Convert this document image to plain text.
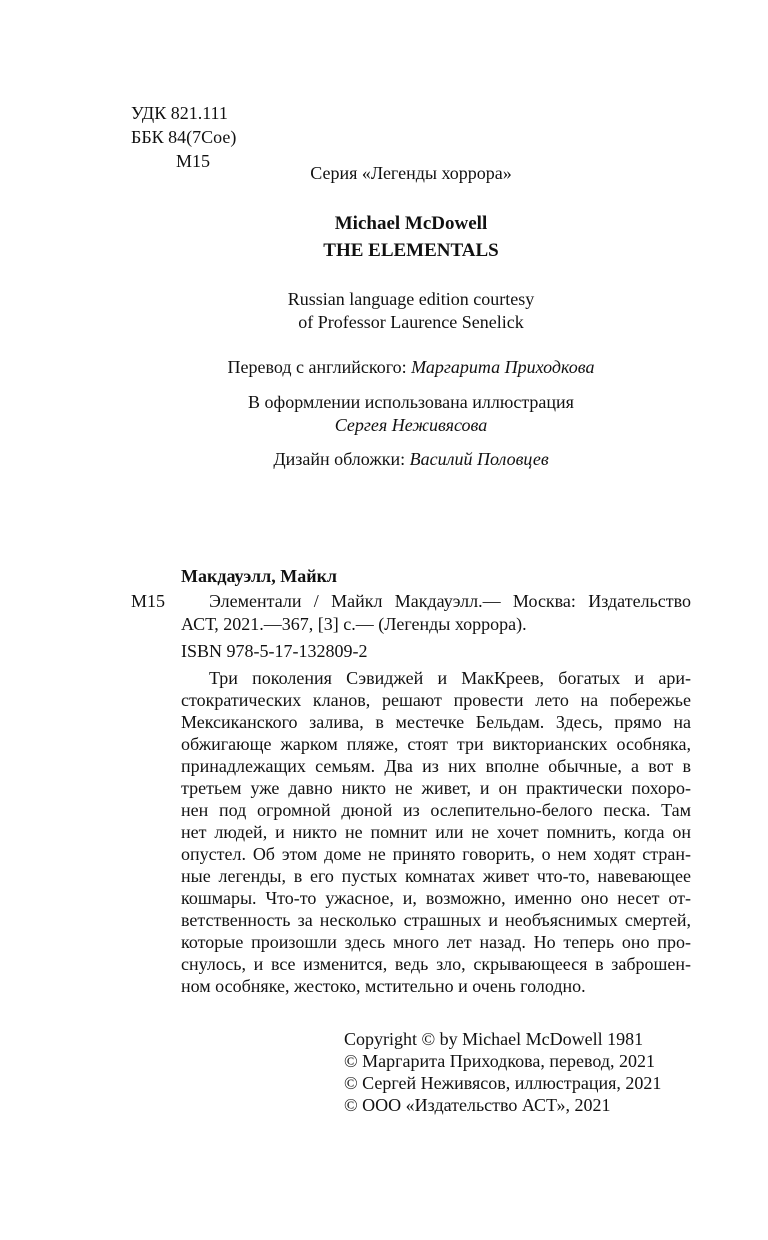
УДК 821.111
ББК 84(7Сое)
М15
Серия «Легенды хоррора»
Michael McDowell
THE ELEMENTALS
Russian language edition courtesy
of Professor Laurence Senelick
Перевод с английского: Маргарита Приходкова
В оформлении использована иллюстрация
Сергея Неживясова
Дизайн обложки: Василий Половцев
Макдауэлл, Майкл
М15 Элементали / Майкл Макдауэлл.— Москва: Издательство
АСТ, 2021.—367, [3] с.— (Легенды хоррора).
ISBN 978-5-17-132809-2
Три поколения Сэвиджей и МакКреев, богатых и ари-
стократических кланов, решают провести лето на побережье
Мексиканского залива, в местечке Бельдам. Здесь, прямо на
обжигающе жарком пляже, стоят три викторианских особняка,
принадлежащих семьям. Два из них вполне обычные, а вот в
третьем уже давно никто не живет, и он практически похоро-
нен под огромной дюной из ослепительно-белого песка. Там
нет людей, и никто не помнит или не хочет помнить, когда он
опустел. Об этом доме не принято говорить, о нем ходят стран-
ные легенды, в его пустых комнатах живет что-то, навевающее
кошмары. Что-то ужасное, и, возможно, именно оно несет от-
ветственность за несколько страшных и необъяснимых смертей,
которые произошли здесь много лет назад. Но теперь оно про-
снулось, и все изменится, ведь зло, скрывающееся в заброшен-
ном особняке, жестоко, мстительно и очень голодно.
Copyright © by Michael McDowell 1981
© Маргарита Приходкова, перевод, 2021
© Сергей Неживясов, иллюстрация, 2021
© ООО «Издательство АСТ», 2021
